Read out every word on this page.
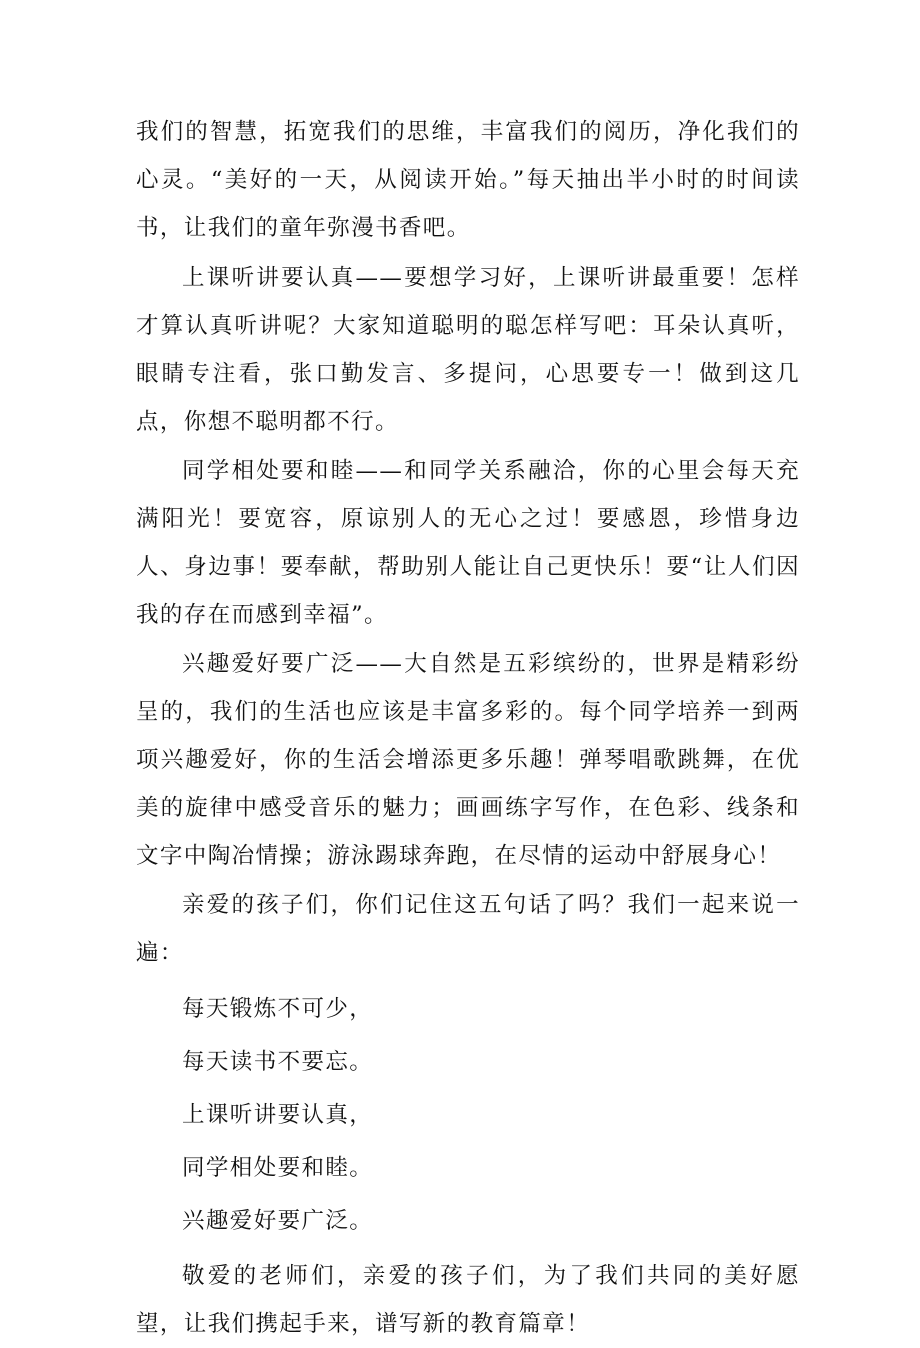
我们的智慧，拓宽我们的思维，丰富我们的阅历，净化我们的心灵。“美好的一天，从阅读开始。”每天抽出半小时的时间读书，让我们的童年弥漫书香吧。

上课听讲要认真——要想学习好，上课听讲最重要！怎样才算认真听讲呢？大家知道聪明的聪怎样写吧：耳朵认真听，眼睛专注看，张口勤发言、多提问，心思要专一！做到这几点，你想不聪明都不行。

同学相处要和睦——和同学关系融洽，你的心里会每天充满阳光！要宽容，原谅别人的无心之过！要感恩，珍惜身边人、身边事！要奉献，帮助别人能让自己更快乐！要“让人们因我的存在而感到幸福”。

兴趣爱好要广泛——大自然是五彩缤纷的，世界是精彩纷呈的，我们的生活也应该是丰富多彩的。每个同学培养一到两项兴趣爱好，你的生活会增添更多乐趣！弹琴唱歌跳舞，在优美的旋律中感受音乐的魅力；画画练字写作，在色彩、线条和文字中陶冶情操；游泳踢球奔跑，在尽情的运动中舒展身心！

亲爱的孩子们，你们记住这五句话了吗？我们一起来说一遍：

每天锻炼不可少，

每天读书不要忘。

上课听讲要认真，

同学相处要和睦。

兴趣爱好要广泛。

敬爱的老师们，亲爱的孩子们，为了我们共同的美好愿望，让我们携起手来，谱写新的教育篇章！
